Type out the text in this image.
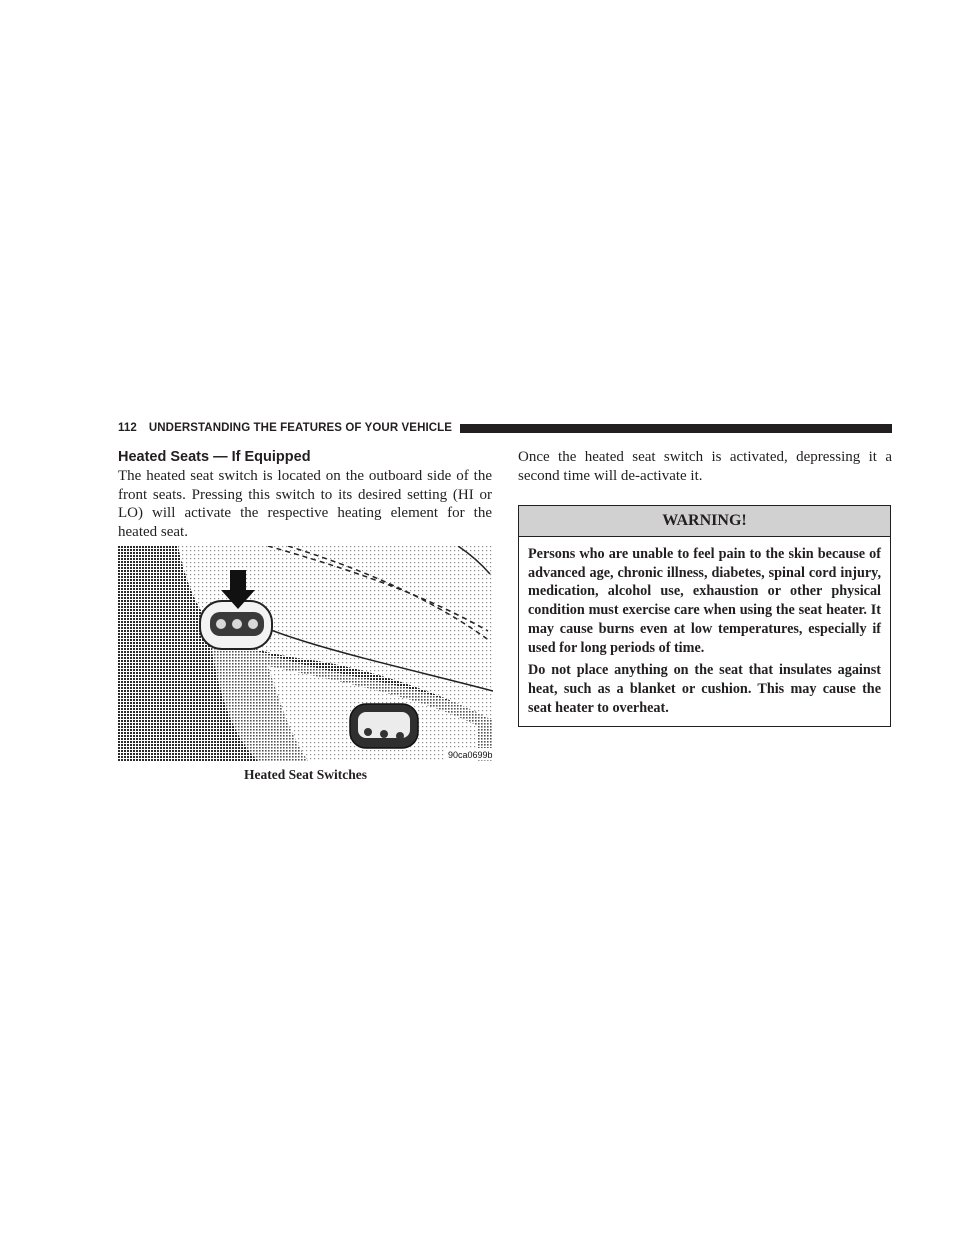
112 UNDERSTANDING THE FEATURES OF YOUR VEHICLE
Heated Seats — If Equipped

The heated seat switch is located on the outboard side of the front seats. Pressing this switch to its desired setting (HI or LO) will activate the respective heating element for the heated seat.

90ca0699b
Heated Seat Switches

Once the heated seat switch is activated, depressing it a second time will de-activate it.

WARNING!

Persons who are unable to feel pain to the skin because of advanced age, chronic illness, diabetes, spinal cord injury, medication, alcohol use, exhaustion or other physical condition must exercise care when using the seat heater. It may cause burns even at low temperatures, especially if used for long periods of time.

Do not place anything on the seat that insulates against heat, such as a blanket or cushion. This may cause the seat heater to overheat.
